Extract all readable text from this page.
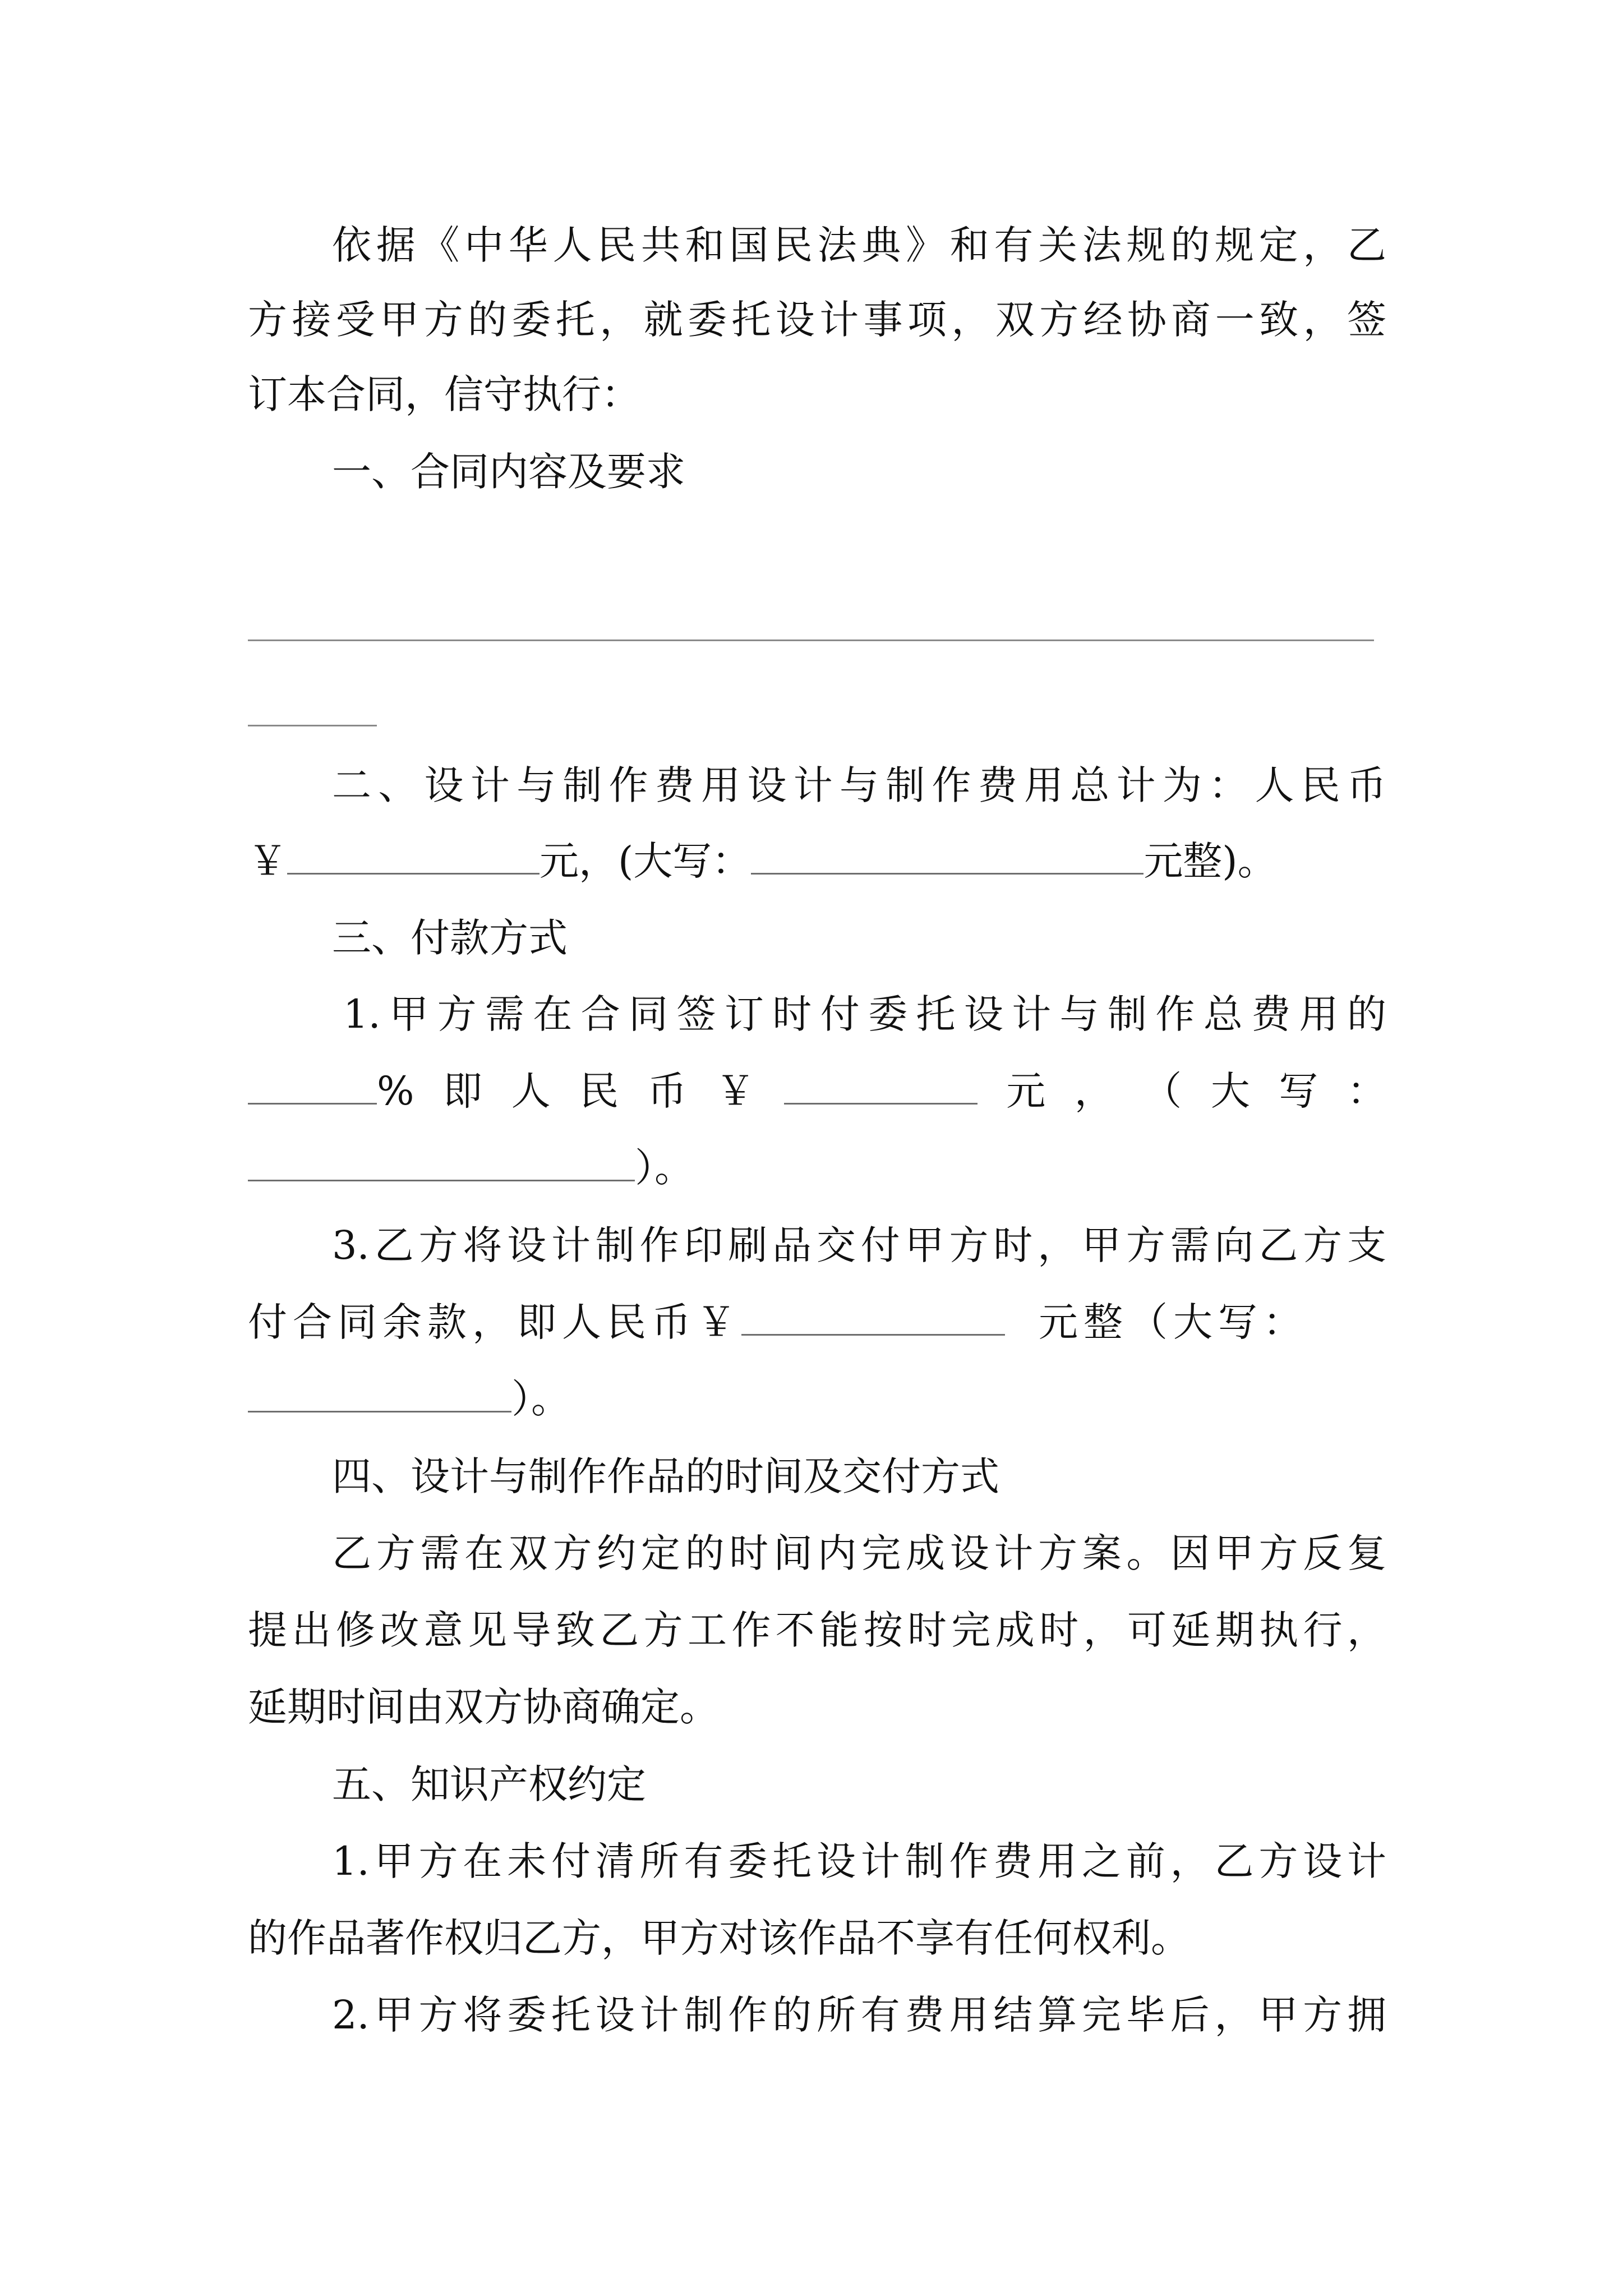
依据《中华人民共和国民法典》和有关法规的规定，乙
方接受甲方的委托，就委托设计事项，双方经协商一致，签
订本合同，信守执行：
一、合同内容及要求
二、设计与制作费用设计与制作费用总计为：人民币
￥	元，(大写：	元整)。
三、付款方式
1.甲方需在合同签订时付委托设计与制作总费用的
% 即 人 民 币 ￥	元 ， （ 大 写 ：
）。
3.乙方将设计制作印刷品交付甲方时，甲方需向乙方支
付合同余款，即人民币￥	元整（大写：
）。
四、设计与制作作品的时间及交付方式
乙方需在双方约定的时间内完成设计方案。因甲方反复
提出修改意见导致乙方工作不能按时完成时，可延期执行，
延期时间由双方协商确定。
五、知识产权约定
1.甲方在未付清所有委托设计制作费用之前，乙方设计
的作品著作权归乙方，甲方对该作品不享有任何权利。
2.甲方将委托设计制作的所有费用结算完毕后，甲方拥
